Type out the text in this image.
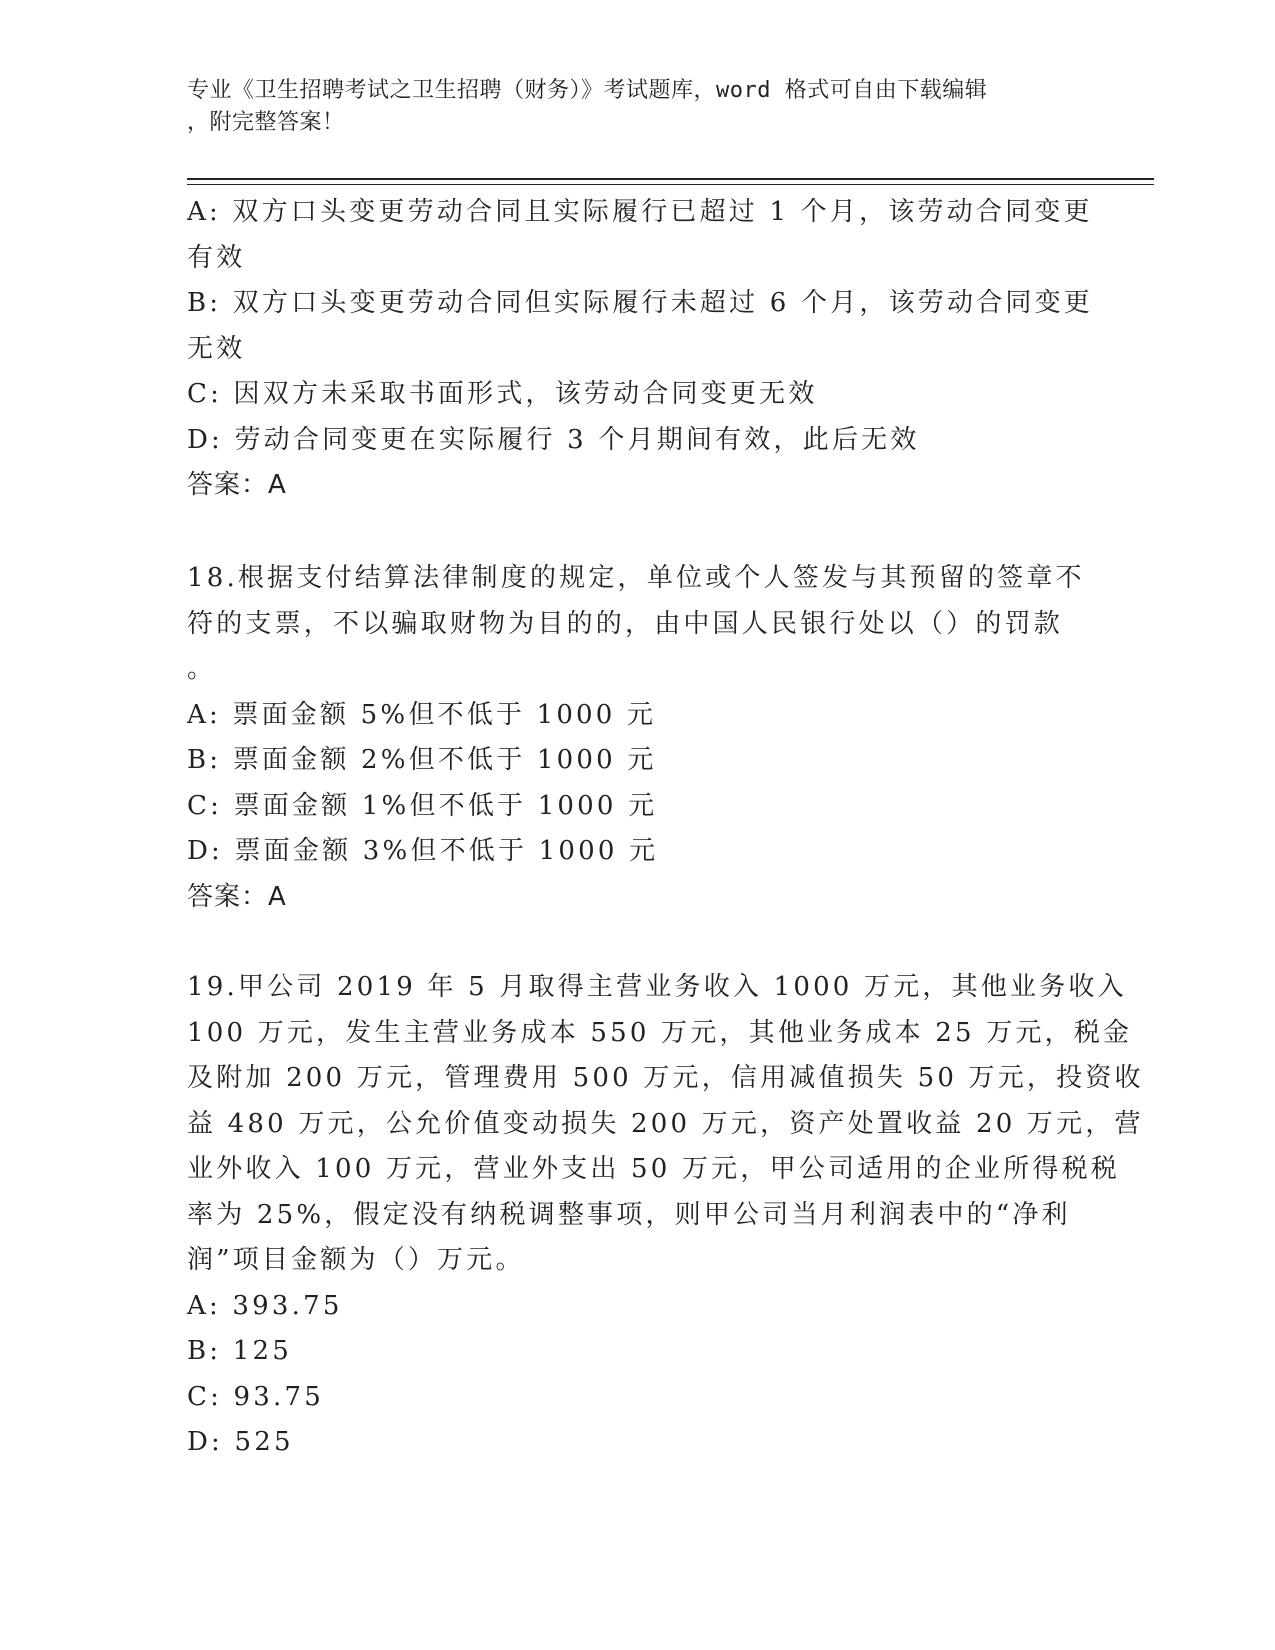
专业《卫生招聘考试之卫生招聘（财务）》考试题库，word 格式可自由下载编辑
，附完整答案！
A: 双方口头变更劳动合同且实际履行已超过 1 个月，该劳动合同变更
有效
B: 双方口头变更劳动合同但实际履行未超过 6 个月，该劳动合同变更
无效
C: 因双方未采取书面形式，该劳动合同变更无效
D: 劳动合同变更在实际履行 3 个月期间有效，此后无效
答案：A
18.根据支付结算法律制度的规定，单位或个人签发与其预留的签章不
符的支票，不以骗取财物为目的的，由中国人民银行处以（）的罚款
。
A: 票面金额 5%但不低于 1000 元
B: 票面金额 2%但不低于 1000 元
C: 票面金额 1%但不低于 1000 元
D: 票面金额 3%但不低于 1000 元
答案：A
19.甲公司 2019 年 5 月取得主营业务收入 1000 万元，其他业务收入
100 万元，发生主营业务成本 550 万元，其他业务成本 25 万元，税金
及附加 200 万元，管理费用 500 万元，信用减值损失 50 万元，投资收
益 480 万元，公允价值变动损失 200 万元，资产处置收益 20 万元，营
业外收入 100 万元，营业外支出 50 万元，甲公司适用的企业所得税税
率为 25%，假定没有纳税调整事项，则甲公司当月利润表中的“净利
润”项目金额为（）万元。
A: 393.75
B: 125
C: 93.75
D: 525
